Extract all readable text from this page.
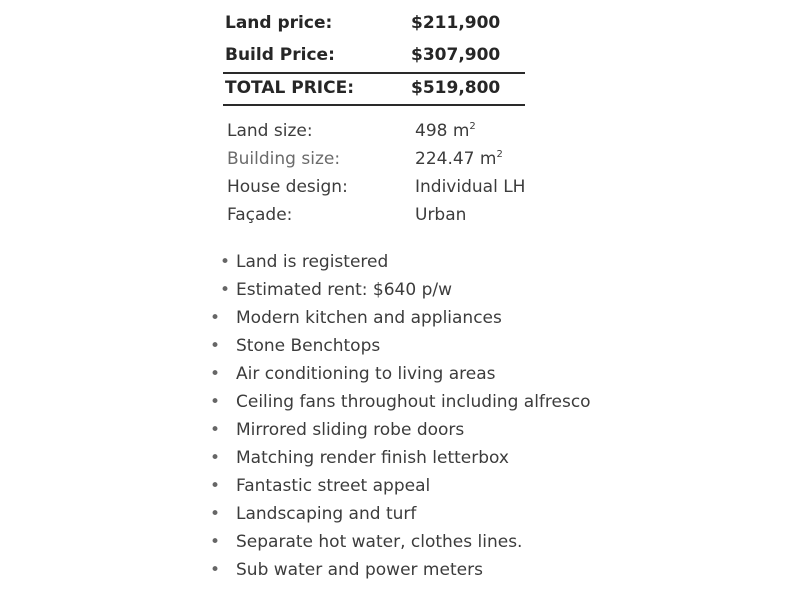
Land price:	$211,900
Build Price:	$307,900
TOTAL PRICE:	$519,800
Land size:	498 $m^2$
Building size:	224.47 $m^2$
House design:	Individual LH
Façade:	Urban
• Land is registered
• Estimated rent: $640 p/w
• Modern kitchen and appliances
• Stone Benchtops
• Air conditioning to living areas
• Ceiling fans throughout including alfresco
• Mirrored sliding robe doors
• Matching render finish letterbox
• Fantastic street appeal
• Landscaping and turf
• Separate hot water, clothes lines.
• Sub water and power meters
